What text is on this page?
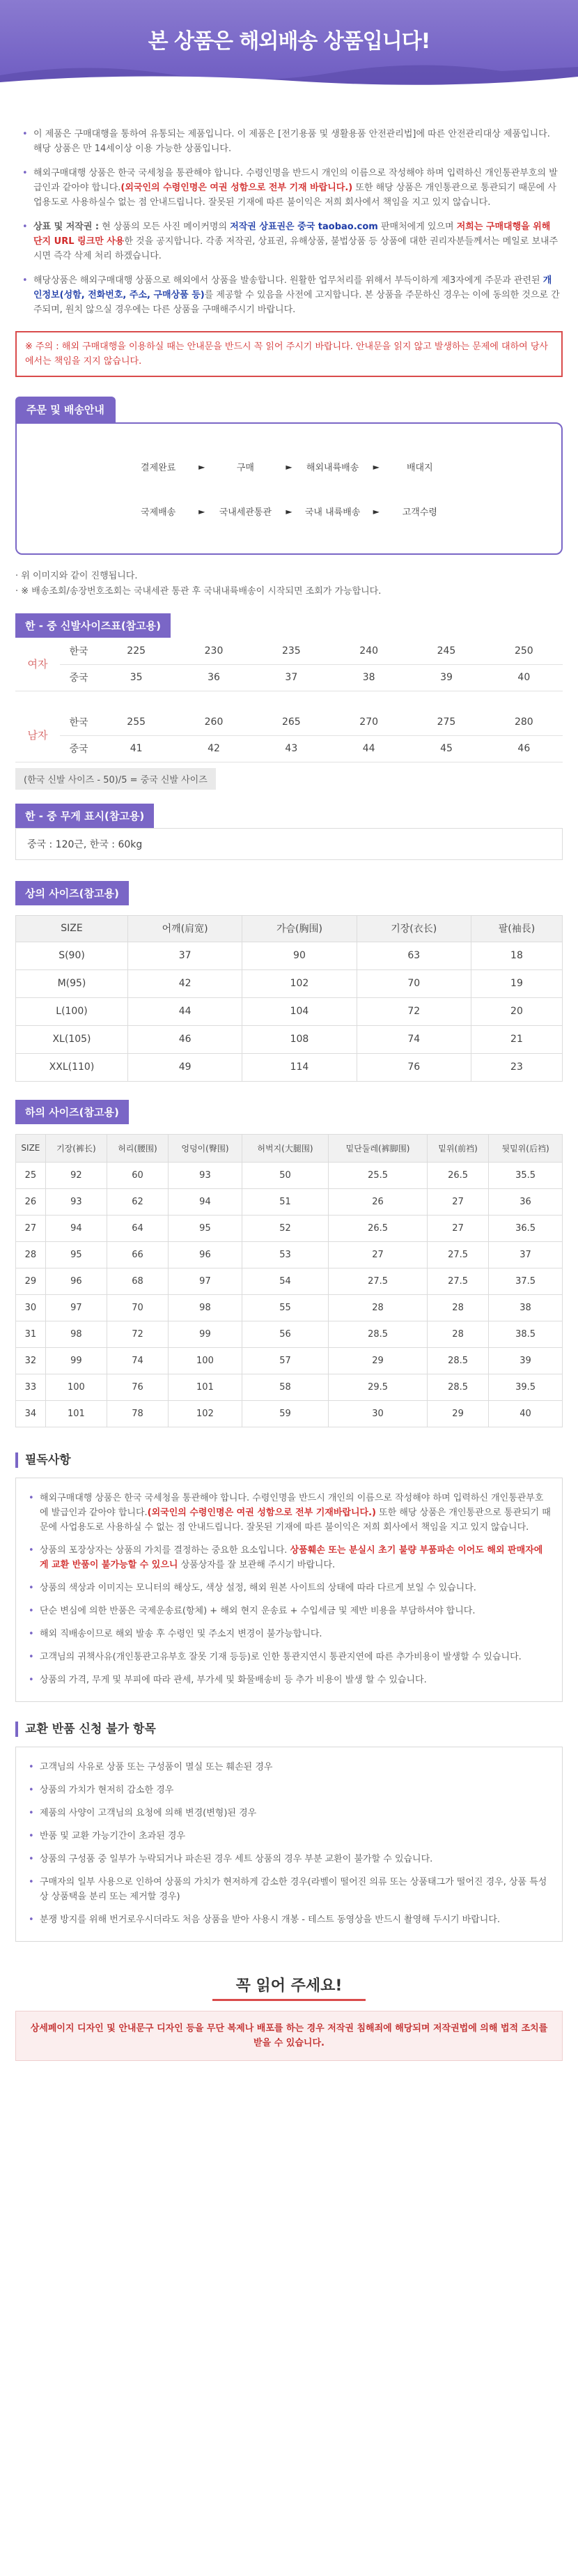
본 상품은 해외배송 상품입니다!
• 이 제품은 구매대행을 통하여 유통되는 제품입니다. 이 제품은 [전기용품 및 생활용품 안전관리법]에 따른 안전관리대상 제품입니다. 해당 상품은 만 14세이상 이용 가능한 상품입니다.
• 해외구매대행 상품은 한국 국세청을 통관해야 합니다. 수령인명을 반드시 개인의 이름으로 작성해야 하며 입력하신 개인통관부호의 발급인과 같아야 합니다.(외국인의 수령인명은 여권 성함으로 전부 기재 바랍니다.) 또한 해당 상품은 개인통관으로 통관되기 때문에 사업용도로 사용하실수 없는 점 안내드립니다. 잘못된 기재에 따른 불이익은 저희 회사에서 책임을 지고 있지 않습니다.
• 상표 및 저작권 : 현 상품의 모든 사진 메이커명의 저작권 상표권은 중국 taobao.com 판매처에게 있으며 저희는 구매대행을 위해 단지 URL 링크만 사용한 것을 공지합니다. 각종 저작권, 상표권, 유해상품, 불법상품 등 상품에 대한 권리자분들께서는 메일로 보내주시면 즉각 삭제 처리 하겠습니다.
• 해당상품은 해외구매대행 상품으로 해외에서 상품을 발송합니다. 원활한 업무처리를 위해서 부득이하게 제3자에게 주문과 관련된 개인정보(성함, 전화번호, 주소, 구매상품 등)를 제공할 수 있음을 사전에 고지합니다. 본 상품을 주문하신 경우는 이에 동의한 것으로 간주되며, 원치 않으실 경우에는 다른 상품을 구매해주시기 바랍니다.
※ 주의 : 해외 구매대행을 이용하실 때는 안내문을 반드시 꼭 읽어 주시기 바랍니다. 안내문을 읽지 않고 발생하는 문제에 대하여 당사에서는 책임을 지지 않습니다.
주문 및 배송안내
결제완료	►	구매	►	해외내륙배송	►	배대지
국제배송	►	국내세관통관	►	국내 내륙배송	►	고객수령
· 위 이미지와 같이 진행됩니다.
· ※ 배송조회/송장번호조회는 국내세관 통관 후 국내내륙배송이 시작되면 조회가 가능합니다.
한 - 중 신발사이즈표(참고용)
여자	한국	225	230	235	240	245	250
	중국	35	36	37	38	39	40

남자	한국	255	260	265	270	275	280
	중국	41	42	43	44	45	46
(한국 신발 사이즈 - 50)/5 = 중국 신발 사이즈
한 - 중 무게 표시(참고용)
중국 : 120근, 한국 : 60kg
상의 사이즈(참고용)
SIZE	어깨(肩宽)	가슴(胸围)	기장(衣长)	팔(袖長)
S(90)	37	90	63	18
M(95)	42	102	70	19
L(100)	44	104	72	20
XL(105)	46	108	74	21
XXL(110)	49	114	76	23
하의 사이즈(참고용)
SIZE	기장(裤长)	허리(腰围)	엉덩이(臀围)	허벅지(大腿围)	밑단둘레(裤脚围)	밑위(前裆)	뒷밑위(后裆)
25	92	60	93	50	25.5	26.5	35.5
26	93	62	94	51	26	27	36
27	94	64	95	52	26.5	27	36.5
28	95	66	96	53	27	27.5	37
29	96	68	97	54	27.5	27.5	37.5
30	97	70	98	55	28	28	38
31	98	72	99	56	28.5	28	38.5
32	99	74	100	57	29	28.5	39
33	100	76	101	58	29.5	28.5	39.5
34	101	78	102	59	30	29	40
필독사항
• 해외구매대행 상품은 한국 국세청을 통관해야 합니다. 수령인명을 반드시 개인의 이름으로 작성해야 하며 입력하신 개인통관부호에 발급인과 같아야 합니다.(외국인의 수령인명은 여권 성함으로 전부 기재바랍니다.) 또한 해당 상품은 개인통관으로 통관되기 때문에 사업용도로 사용하실 수 없는 점 안내드립니다. 잘못된 기재에 따른 불이익은 저희 회사에서 책임을 지고 있지 않습니다.
• 상품의 포장상자는 상품의 가치를 결정하는 중요한 요소입니다. 상품훼손 또는 분실시 초기 불량 부품파손 이어도 해외 판매자에게 교환 반품이 불가능할 수 있으니 상품상자를 잘 보관해 주시기 바랍니다.
• 상품의 색상과 이미지는 모니터의 해상도, 색상 설정, 해외 원본 사이트의 상태에 따라 다르게 보일 수 있습니다.
• 단순 변심에 의한 반품은 국제운송료(항체) + 해외 현지 운송료 + 수입세금 및 제반 비용을 부담하셔야 합니다.
• 해외 직배송이므로 해외 발송 후 수령인 및 주소지 변경이 불가능합니다.
• 고객님의 귀책사유(개인통관고유부호 잘못 기재 등등)로 인한 통관지연시 통관지연에 따른 추가비용이 발생할 수 있습니다.
• 상품의 가격, 무게 및 부피에 따라 관세, 부가세 및 화물배송비 등 추가 비용이 발생 할 수 있습니다.
교환 반품 신청 불가 항목
• 고객님의 사유로 상품 또는 구성품이 멸실 또는 훼손된 경우
• 상품의 가치가 현저히 감소한 경우
• 제품의 사양이 고객님의 요청에 의해 변경(변형)된 경우
• 반품 및 교환 가능기간이 초과된 경우
• 상품의 구성품 중 일부가 누락되거나 파손된 경우 세트 상품의 경우 부분 교환이 불가할 수 있습니다.
• 구매자의 일부 사용으로 인하여 상품의 가치가 현저하게 감소한 경우(라벨이 떨어진 의류 또는 상품태그가 떨어진 경우, 상품 특성상 상품택을 분리 또는 제거할 경우)
• 분쟁 방지를 위해 번거로우시더라도 처음 상품을 받아 사용시 개봉 - 테스트 동영상을 반드시 촬영해 두시기 바랍니다.
꼭 읽어 주세요!
상세페이지 디자인 및 안내문구 디자인 등을 무단 복제나 배포를 하는 경우 저작권 침해죄에 해당되며 저작권법에 의해 법적 조치를 받을 수 있습니다.
